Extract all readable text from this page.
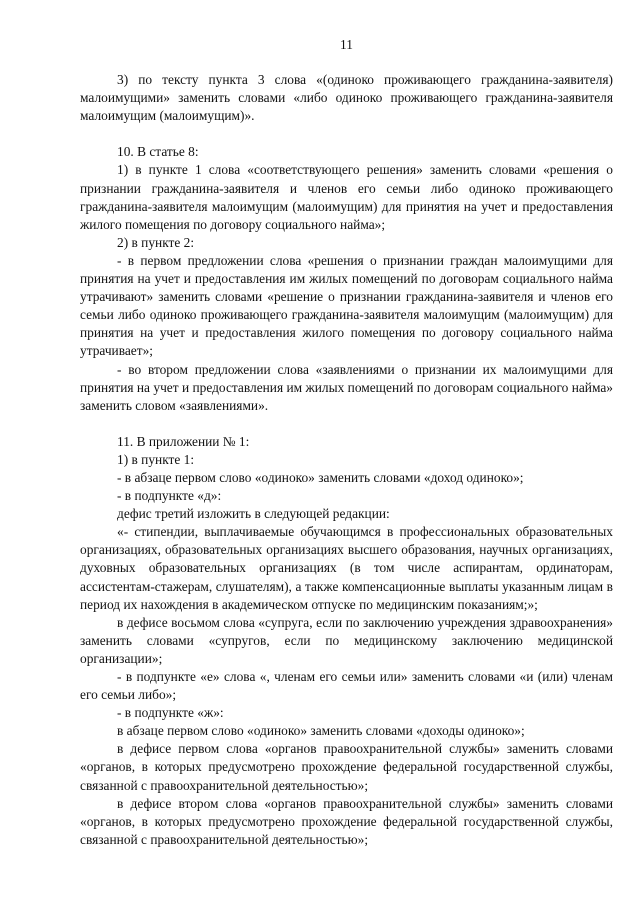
11

3) по тексту пункта 3 слова «(одиноко проживающего гражданина-заявителя) малоимущими» заменить словами «либо одиноко проживающего гражданина-заявителя малоимущим (малоимущим)».

10. В статье 8:

1) в пункте 1 слова «соответствующего решения» заменить словами «решения о признании гражданина-заявителя и членов его семьи либо одиноко проживающего гражданина-заявителя малоимущим (малоимущим) для принятия на учет и предоставления жилого помещения по договору социального найма»;

2) в пункте 2:

- в первом предложении слова «решения о признании граждан малоимущими для принятия на учет и предоставления им жилых помещений по договорам социального найма утрачивают» заменить словами «решение о признании гражданина-заявителя и членов его семьи либо одиноко проживающего гражданина-заявителя малоимущим (малоимущим) для принятия на учет и предоставления жилого помещения по договору социального найма утрачивает»;

- во втором предложении слова «заявлениями о признании их малоимущими для принятия на учет и предоставления им жилых помещений по договорам социального найма» заменить словом «заявлениями».

11. В приложении № 1:

1) в пункте 1:

- в абзаце первом слово «одиноко» заменить словами «доход одиноко»;

- в подпункте «д»:

дефис третий изложить в следующей редакции:

«- стипендии, выплачиваемые обучающимся в профессиональных образовательных организациях, образовательных организациях высшего образования, научных организациях, духовных образовательных организациях (в том числе аспирантам, ординаторам, ассистентам-стажерам, слушателям), а также компенсационные выплаты указанным лицам в период их нахождения в академическом отпуске по медицинским показаниям;»;

в дефисе восьмом слова «супруга, если по заключению учреждения здравоохранения» заменить словами «супругов, если по медицинскому заключению медицинской организации»;

- в подпункте «е» слова «, членам его семьи или» заменить словами «и (или) членам его семьи либо»;

- в подпункте «ж»:

в абзаце первом слово «одиноко» заменить словами «доходы одиноко»;

в дефисе первом слова «органов правоохранительной службы» заменить словами «органов, в которых предусмотрено прохождение федеральной государственной службы, связанной с правоохранительной деятельностью»;

в дефисе втором слова «органов правоохранительной службы» заменить словами «органов, в которых предусмотрено прохождение федеральной государственной службы, связанной с правоохранительной деятельностью»;
